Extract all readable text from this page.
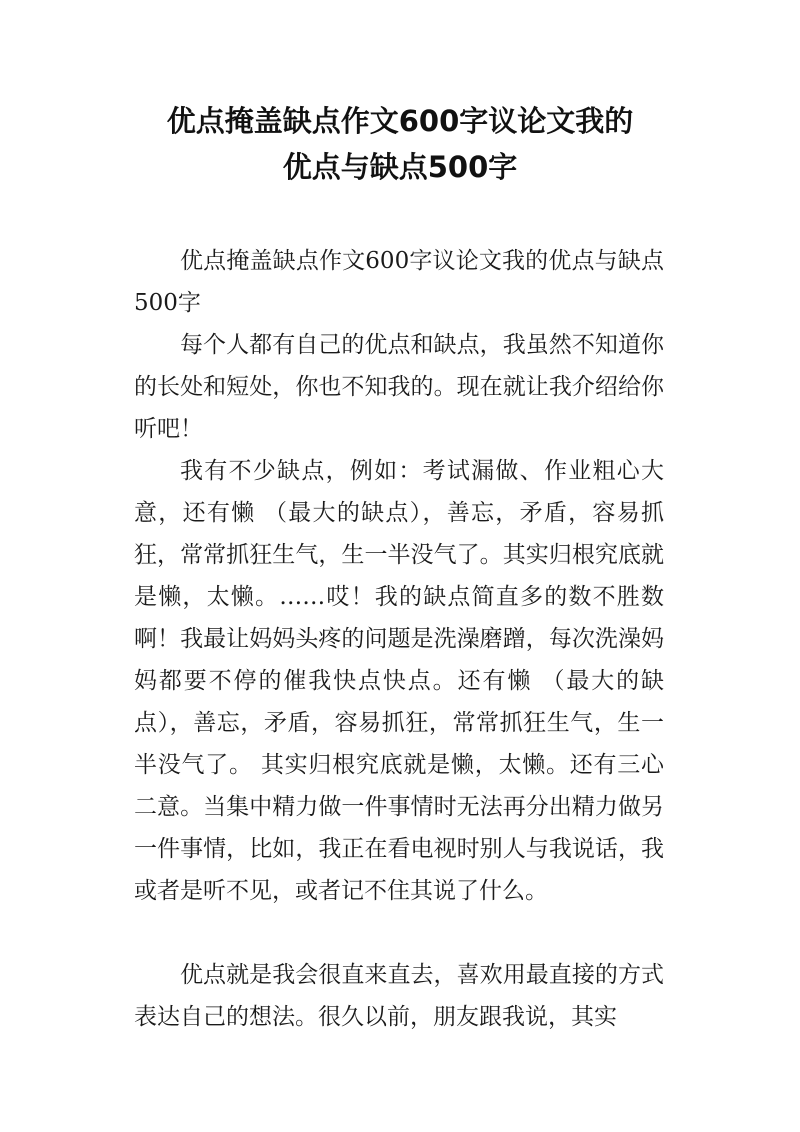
优点掩盖缺点作文600字议论文我的
优点与缺点500字

优点掩盖缺点作文600字议论文我的优点与缺点500字

每个人都有自己的优点和缺点，我虽然不知道你的长处和短处，你也不知我的。现在就让我介绍给你听吧！

我有不少缺点，例如：考试漏做、作业粗心大意，还有懒 （最大的缺点），善忘，矛盾，容易抓狂，常常抓狂生气，生一半没气了。其实归根究底就是懒，太懒。……哎！我的缺点简直多的数不胜数啊！我最让妈妈头疼的问题是洗澡磨蹭，每次洗澡妈妈都要不停的催我快点快点。还有懒 （最大的缺点），善忘，矛盾，容易抓狂，常常抓狂生气，生一半没气了。 其实归根究底就是懒，太懒。还有三心二意。当集中精力做一件事情时无法再分出精力做另一件事情，比如，我正在看电视时别人与我说话，我或者是听不见，或者记不住其说了什么。

优点就是我会很直来直去，喜欢用最直接的方式表达自己的想法。很久以前，朋友跟我说，其实
